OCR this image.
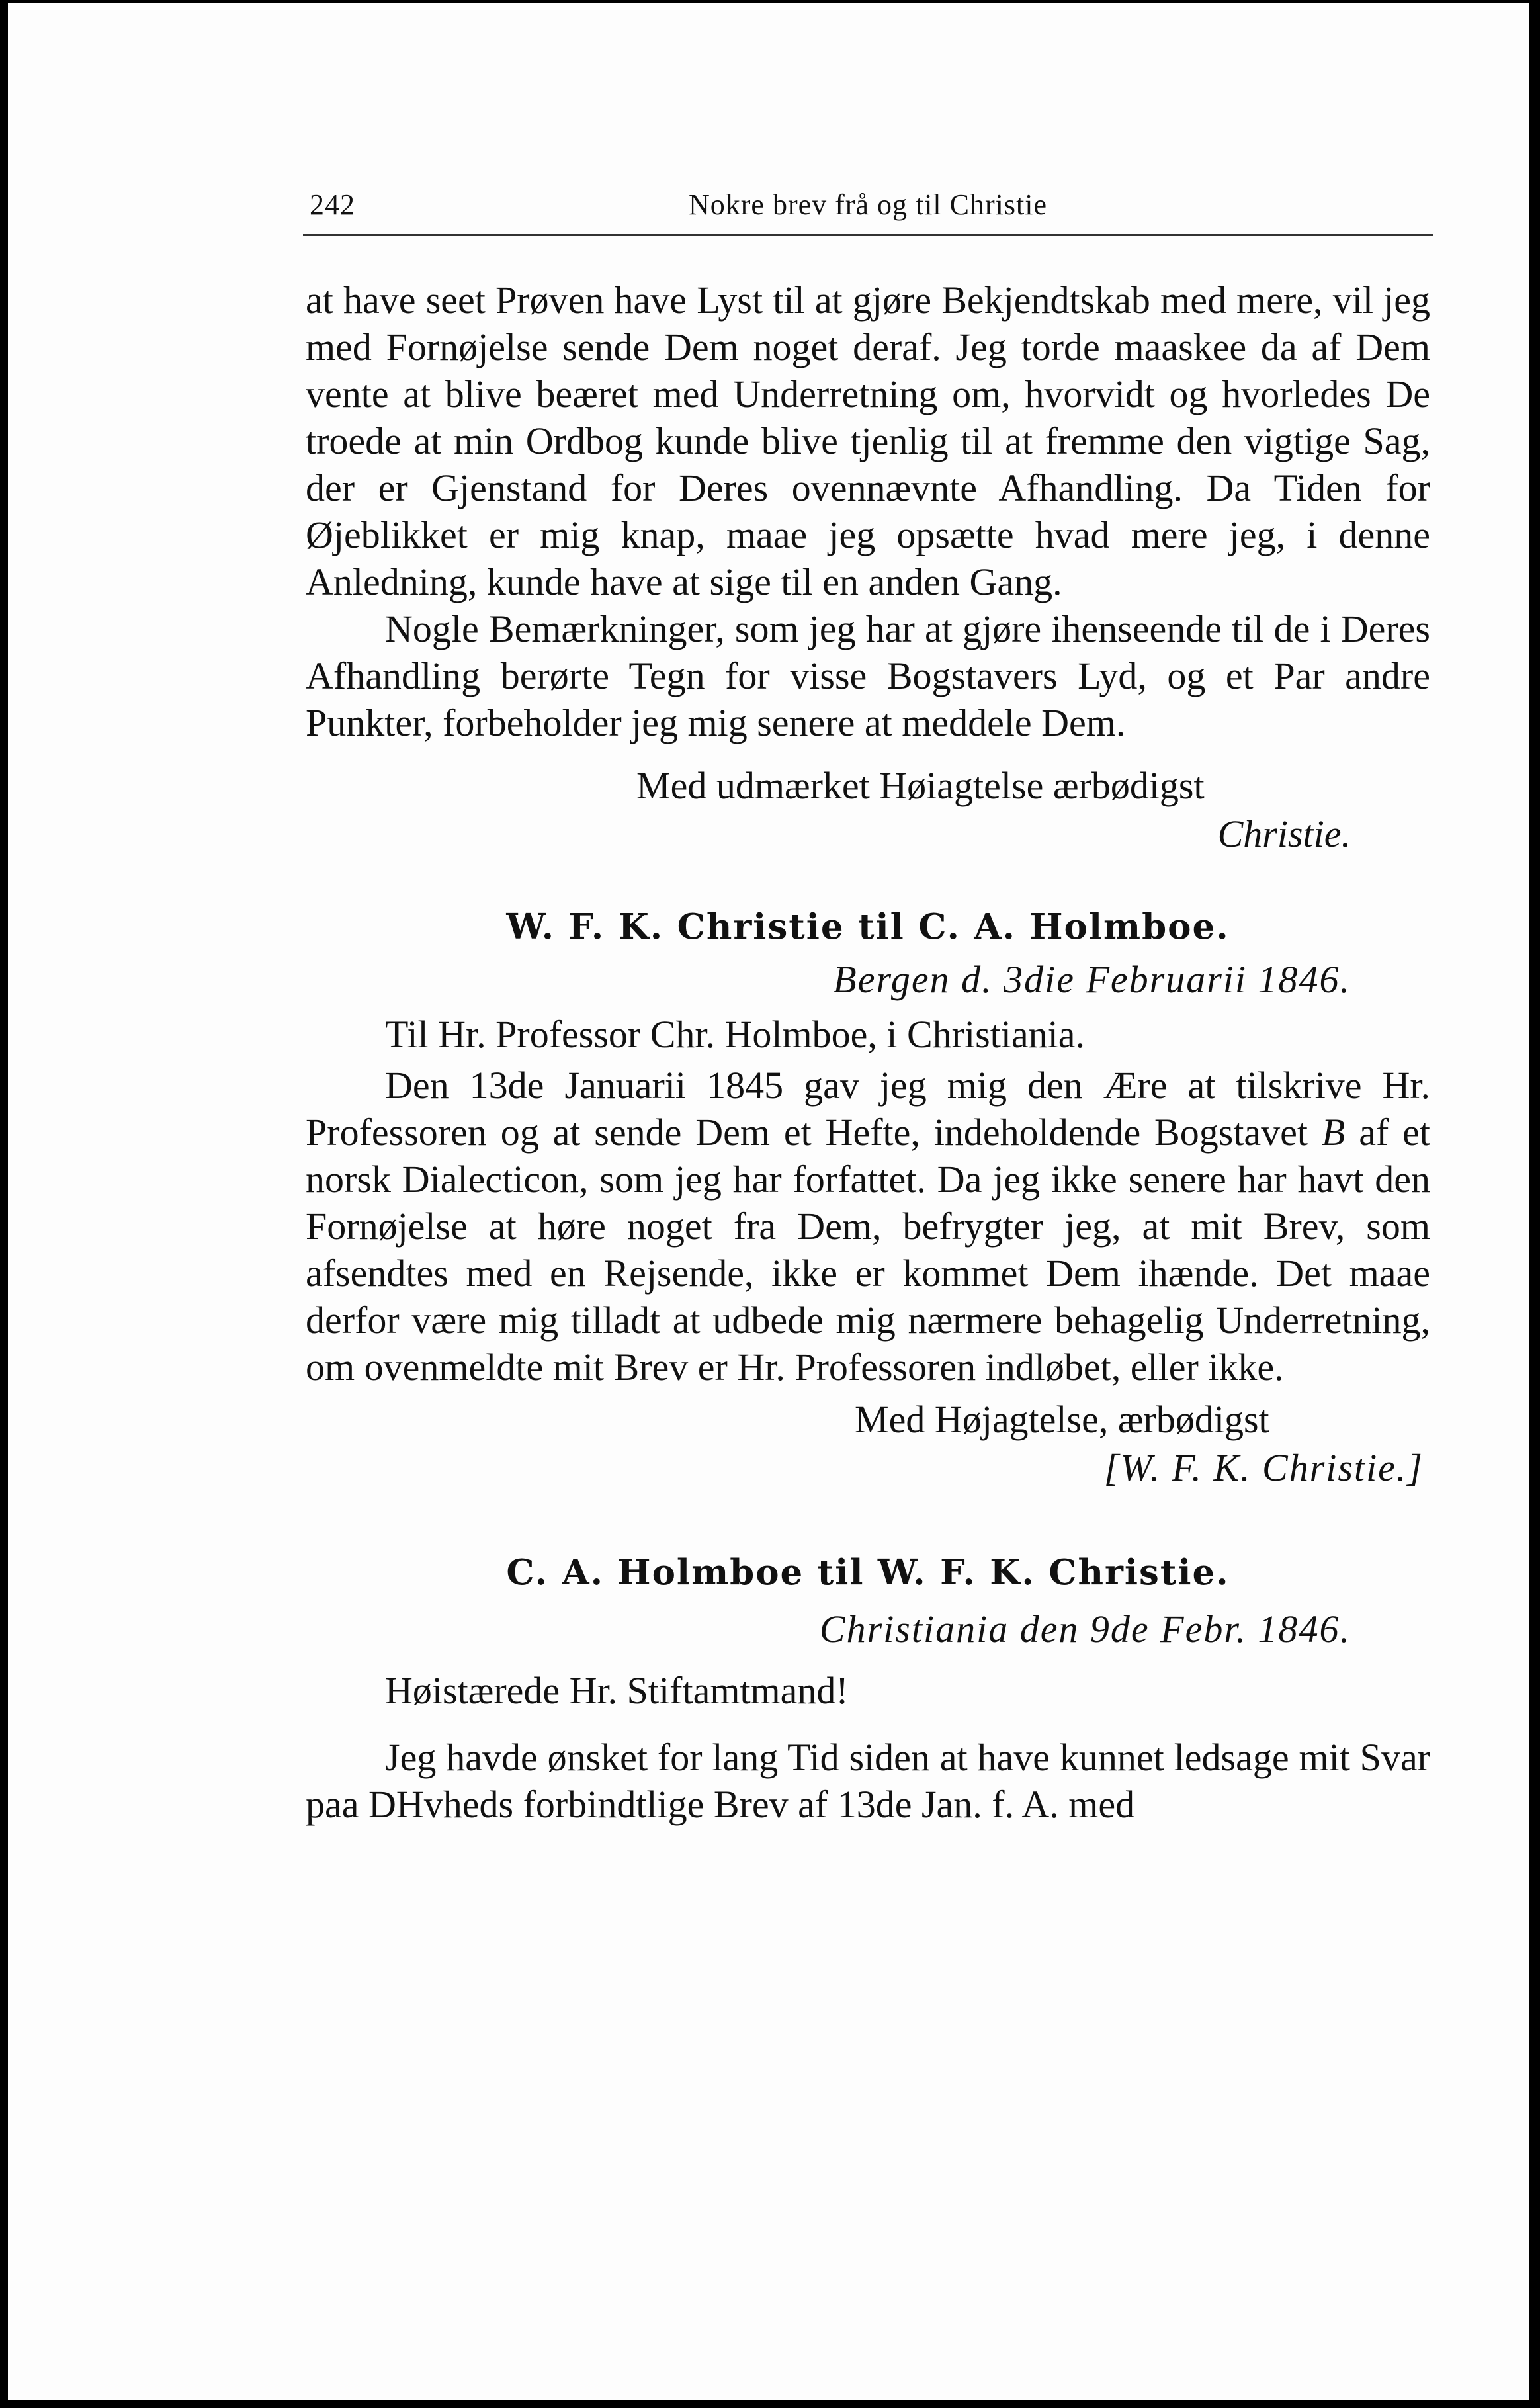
242	Nokre brev frå og til Christie

at have seet Prøven have Lyst til at gjøre Bekjendtskab med mere, vil jeg med Fornøjelse sende Dem noget deraf. Jeg torde maaskee da af Dem vente at blive beæret med Underretning om, hvorvidt og hvorledes De troede at min Ordbog kunde blive tjenlig til at fremme den vigtige Sag, der er Gjenstand for Deres ovennævnte Afhandling. Da Tiden for Øjeblikket er mig knap, maae jeg opsætte hvad mere jeg, i denne Anledning, kunde have at sige til en anden Gang.

Nogle Bemærkninger, som jeg har at gjøre ihenseende til de i Deres Afhandling berørte Tegn for visse Bogstavers Lyd, og et Par andre Punkter, forbeholder jeg mig senere at meddele Dem.

Med udmærket Høiagtelse ærbødigst

Christie.

W. F. K. Christie til C. A. Holmboe.

Bergen d. 3die Februarii 1846.

Til Hr. Professor Chr. Holmboe, i Christiania.

Den 13de Januarii 1845 gav jeg mig den Ære at tilskrive Hr. Professoren og at sende Dem et Hefte, indeholdende Bogstavet B af et norsk Dialecticon, som jeg har forfattet. Da jeg ikke senere har havt den Fornøjelse at høre noget fra Dem, befrygter jeg, at mit Brev, som afsendtes med en Rejsende, ikke er kommet Dem ihænde. Det maae derfor være mig tilladt at udbede mig nærmere behagelig Underretning, om ovenmeldte mit Brev er Hr. Professoren indløbet, eller ikke.

Med Højagtelse, ærbødigst

[W. F. K. Christie.]

C. A. Holmboe til W. F. K. Christie.

Christiania den 9de Febr. 1846.

Høistærede Hr. Stiftamtmand!

Jeg havde ønsket for lang Tid siden at have kunnet ledsage mit Svar paa DHvheds forbindtlige Brev af 13de Jan. f. A. med
